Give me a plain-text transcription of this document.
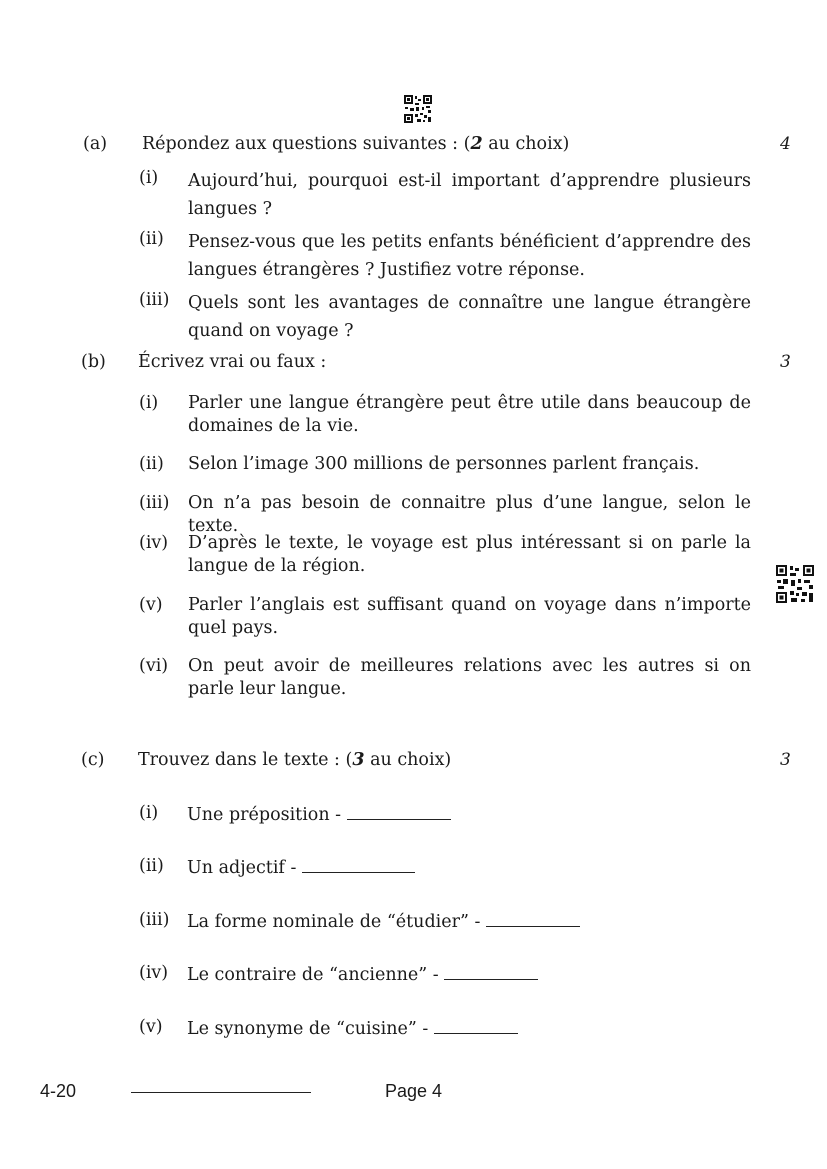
(a) Répondez aux questions suivantes : (2 au choix)	4
(i) Aujourd’hui, pourquoi est-il important d’apprendre plusieurs langues ?
(ii) Pensez-vous que les petits enfants bénéficient d’apprendre des langues étrangères ? Justifiez votre réponse.
(iii) Quels sont les avantages de connaître une langue étrangère quand on voyage ?
(b) Écrivez vrai ou faux :	3
(i) Parler une langue étrangère peut être utile dans beaucoup de domaines de la vie.
(ii) Selon l’image 300 millions de personnes parlent français.
(iii) On n’a pas besoin de connaitre plus d’une langue, selon le texte.
(iv) D’après le texte, le voyage est plus intéressant si on parle la langue de la région.
(v) Parler l’anglais est suffisant quand on voyage dans n’importe quel pays.
(vi) On peut avoir de meilleures relations avec les autres si on parle leur langue.
(c) Trouvez dans le texte : (3 au choix)	3
(i) Une préposition -
(ii) Un adjectif -
(iii) La forme nominale de “étudier” -
(iv) Le contraire de “ancienne” -
(v) Le synonyme de “cuisine” -
4-20	Page 4
